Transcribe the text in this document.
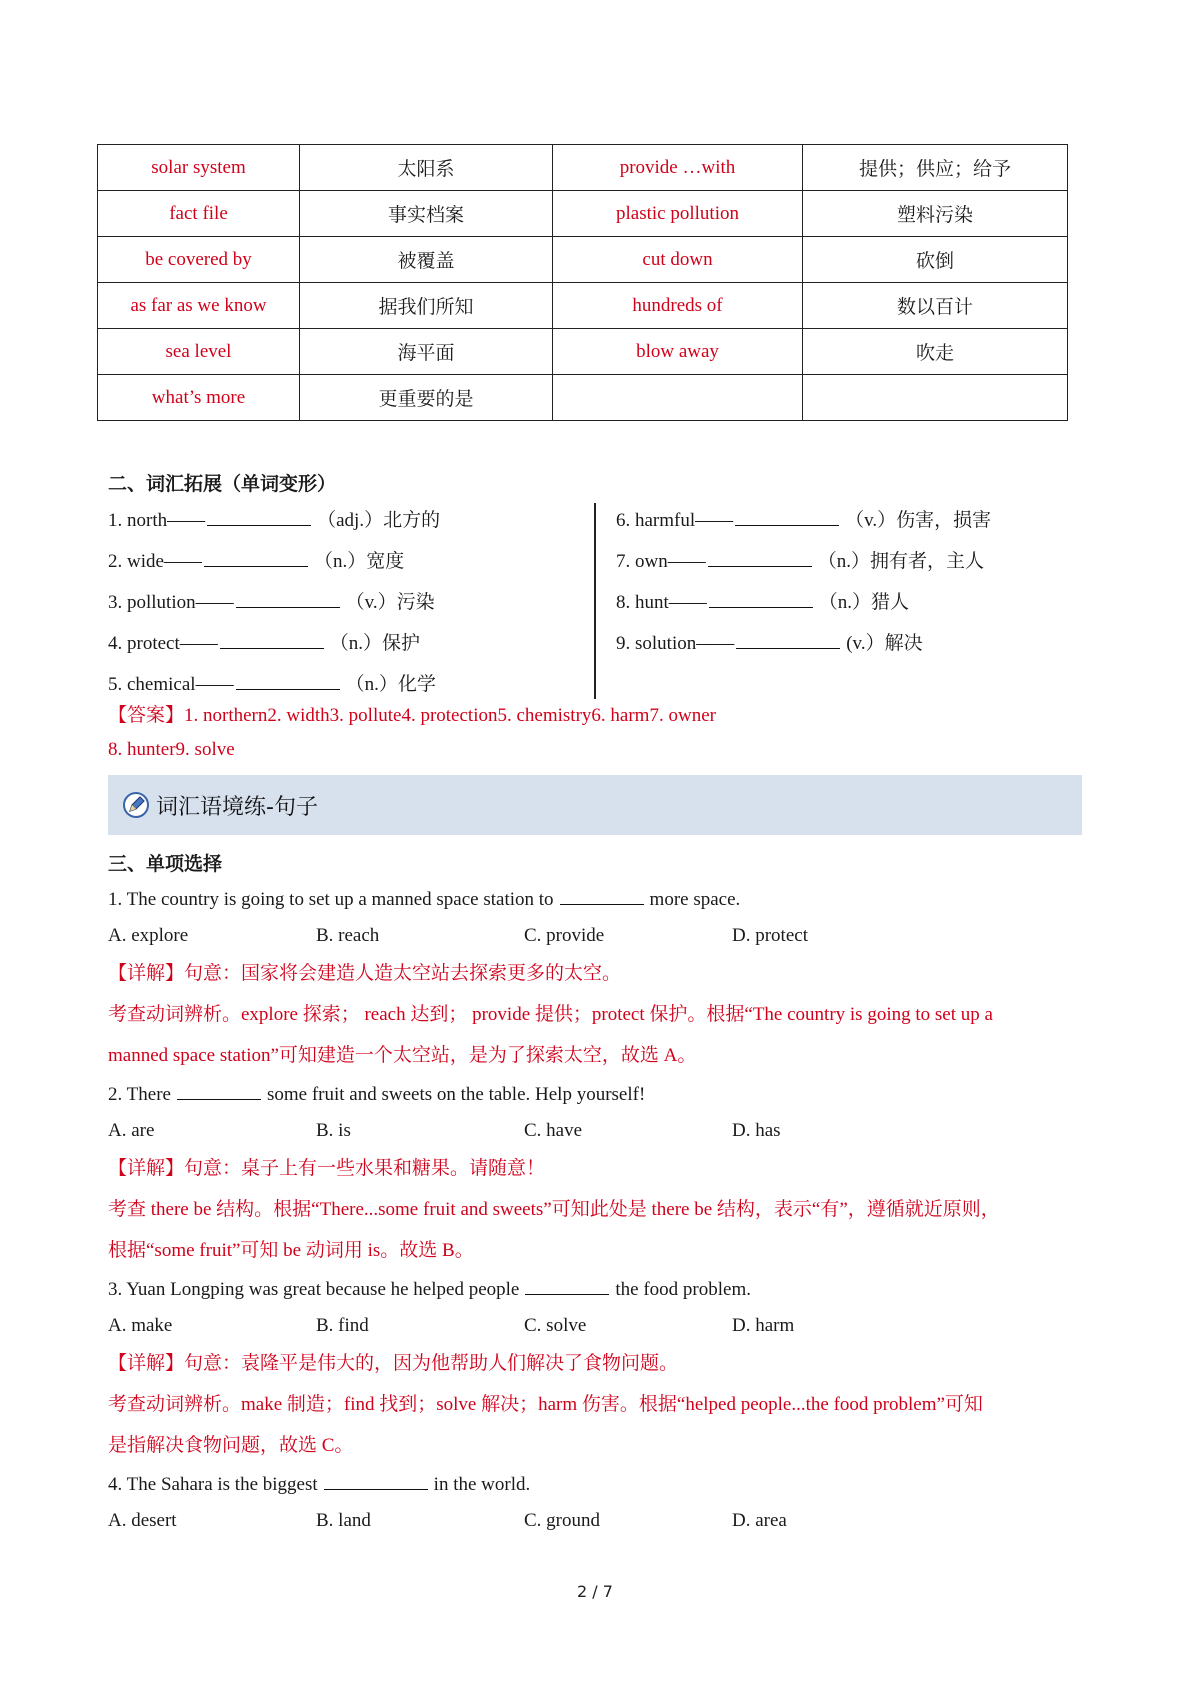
solar system	太阳系	provide …with	提供；供应；给予
fact file	事实档案	plastic pollution	塑料污染
be covered by	被覆盖	cut down	砍倒
as far as we know	据我们所知	hundreds of	数以百计
sea level	海平面	blow away	吹走
what’s more	更重要的是		
二、词汇拓展（单词变形）
1. north——	（adj.）北方的
2. wide——	（n.）宽度
3. pollution——	（v.）污染
4. protect——	（n.）保护
5. chemical——	（n.）化学
6. harmful——	（v.）伤害，损害
7. own——	（n.）拥有者，主人
8. hunt——	（n.）猎人
9. solution——	(v.）解决
【答案】1. northern2. width3. pollute4. protection5. chemistry6. harm7. owner
8. hunter9. solve
词汇语境练-句子
三、单项选择
1. The country is going to set up a manned space station to	more space.
A. explore	B. reach	C. provide	D. protect
【详解】句意：国家将会建造人造太空站去探索更多的太空。
考查动词辨析。explore 探索； reach 达到； provide 提供；protect 保护。根据“The country is going to set up a
manned space station”可知建造一个太空站，是为了探索太空，故选 A。
2. There	some fruit and sweets on the table. Help yourself!
A. are	B. is	C. have	D. has
【详解】句意：桌子上有一些水果和糖果。请随意！
考查 there be 结构。根据“There...some fruit and sweets”可知此处是 there be 结构，表示“有”，遵循就近原则，
根据“some fruit”可知 be 动词用 is。故选 B。
3. Yuan Longping was great because he helped people	the food problem.
A. make	B. find	C. solve	D. harm
【详解】句意：袁隆平是伟大的，因为他帮助人们解决了食物问题。
考查动词辨析。make 制造；find 找到；solve 解决；harm 伤害。根据“helped people...the food problem”可知
是指解决食物问题，故选 C。
4. The Sahara is the biggest	in the world.
A. desert	B. land	C. ground	D. area
2 / 7
